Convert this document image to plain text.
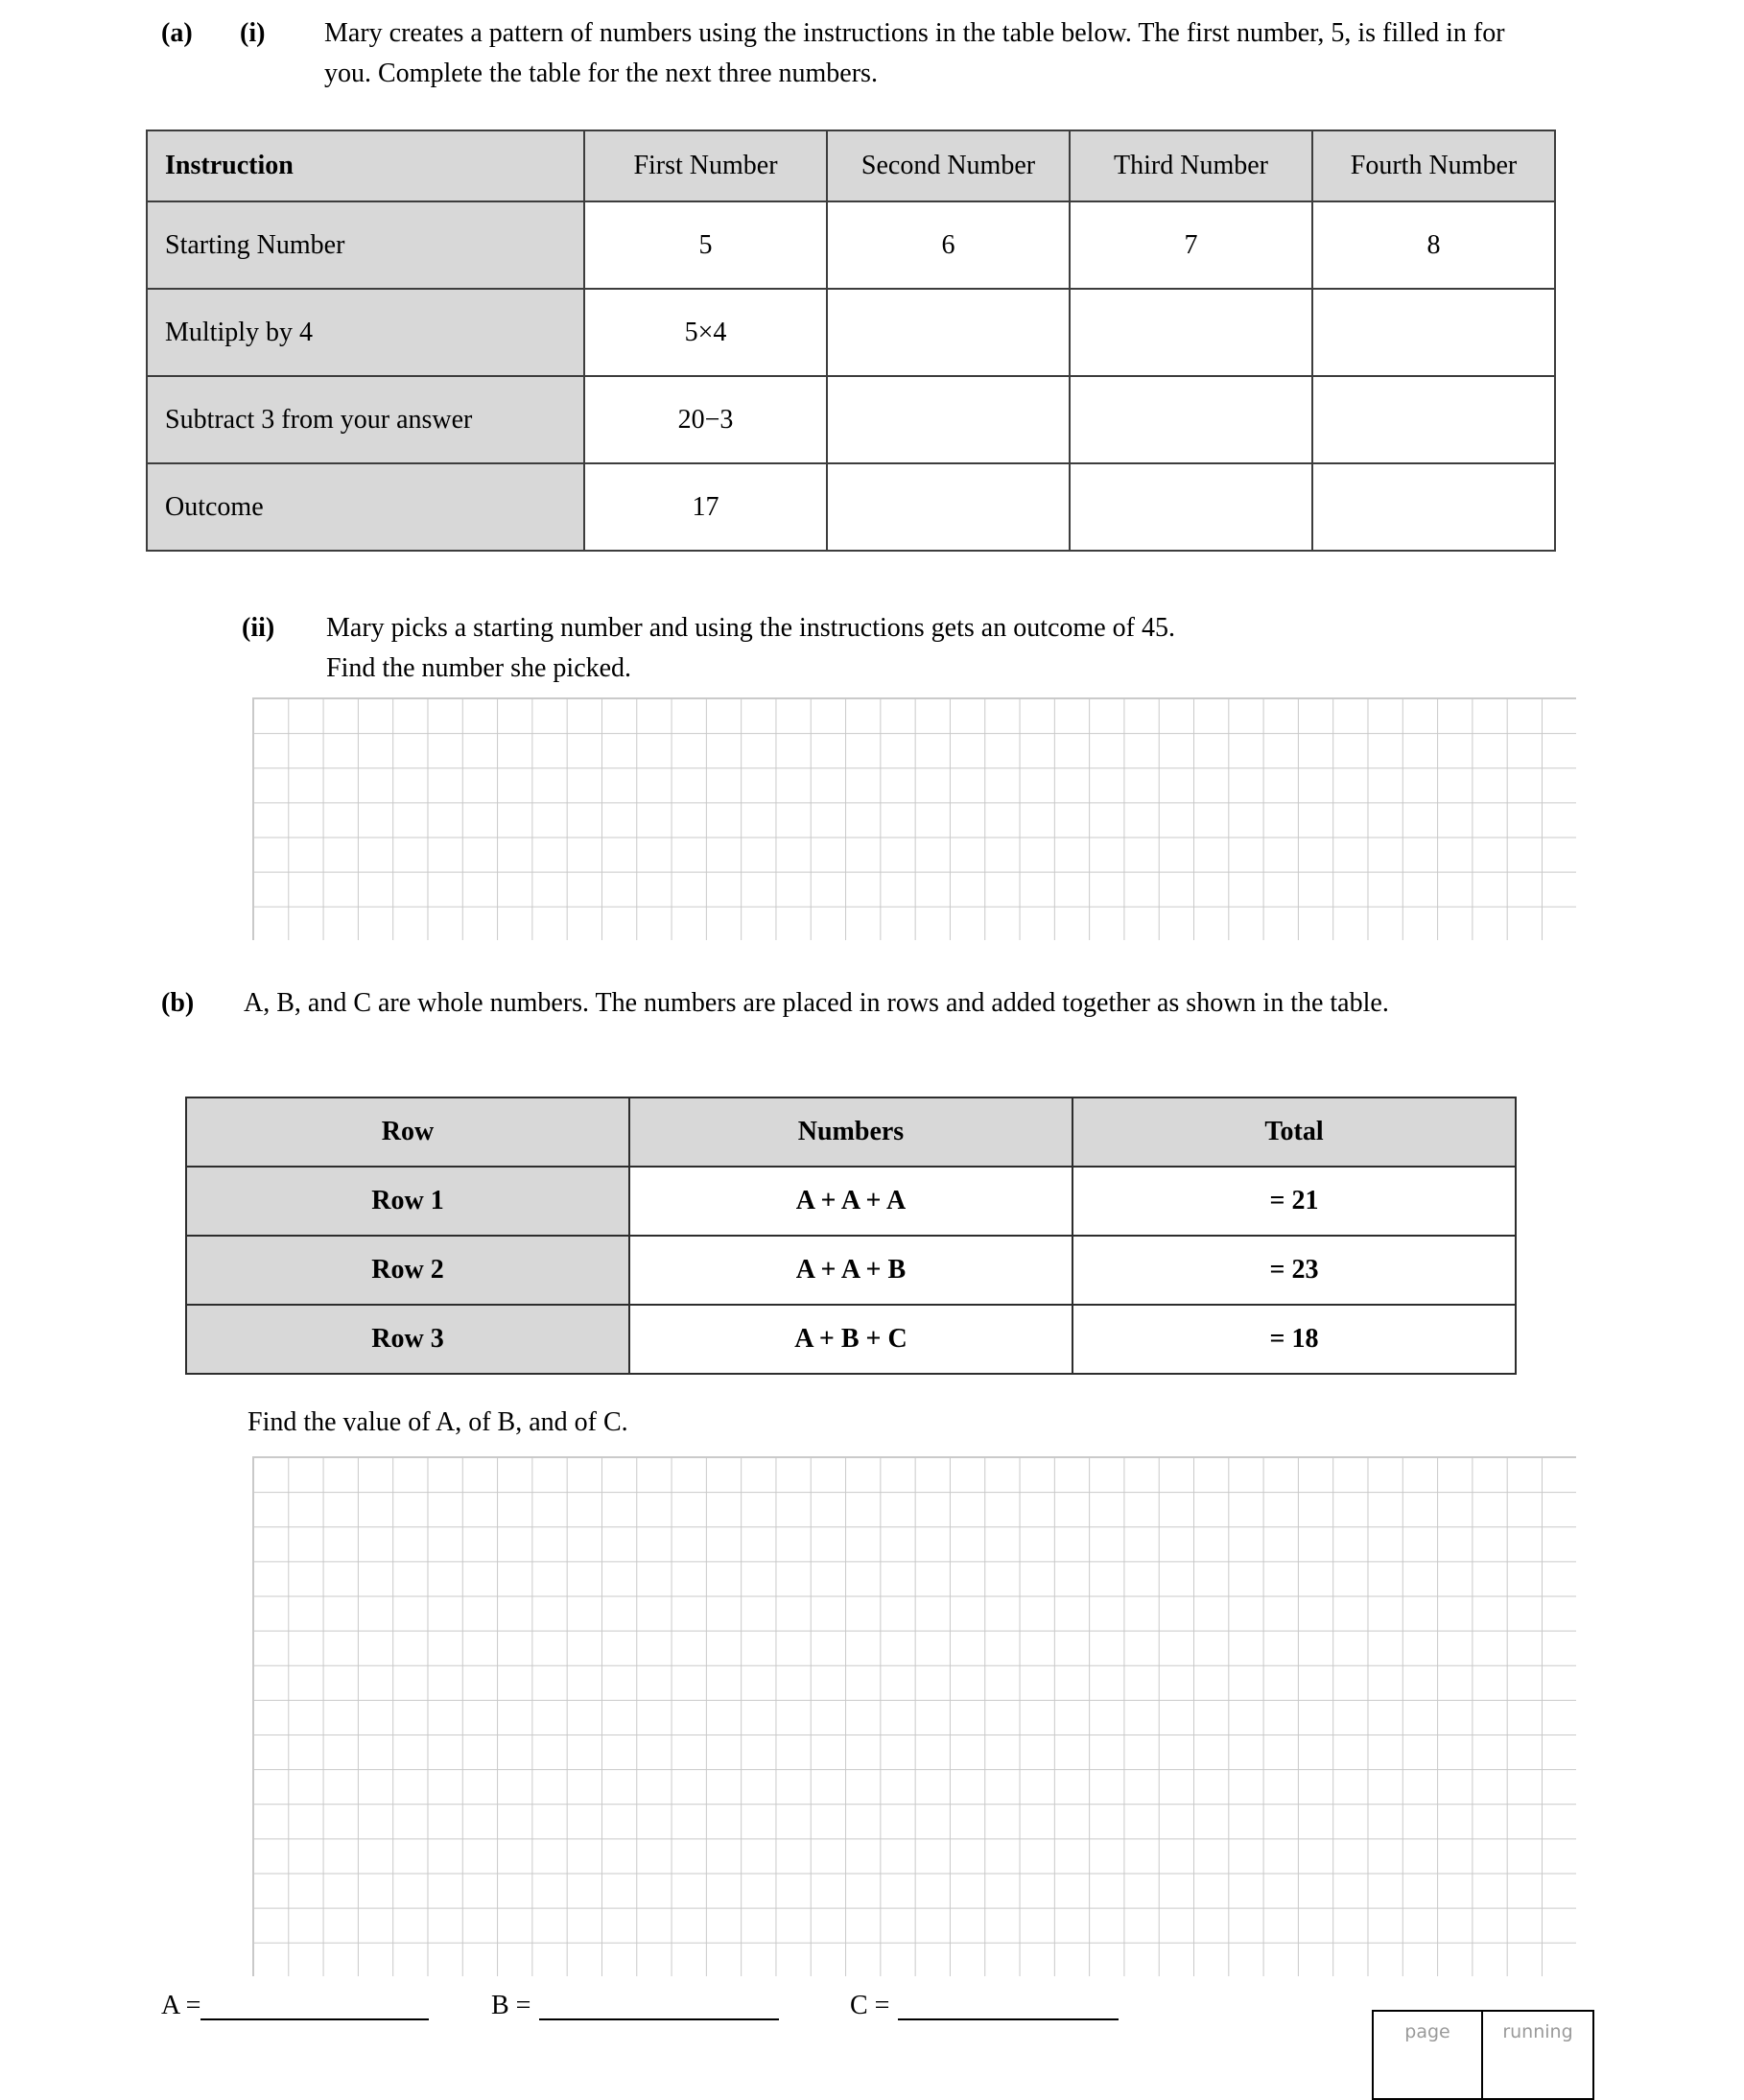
(a)	(i)	Mary creates a pattern of numbers using the instructions in the table below. The first number, 5, is filled in for you. Complete the table for the next three numbers.
Instruction	First Number	Second Number	Third Number	Fourth Number
Starting Number	5	6	7	8
Multiply by 4	5×4			
Subtract 3 from your answer	20−3			
Outcome	17			
(ii)	Mary picks a starting number and using the instructions gets an outcome of 45.
Find the number she picked.
(b)	A, B, and C are whole numbers. The numbers are placed in rows and added together as shown in the table.
Row	Numbers	Total
Row 1	A + A + A	= 21
Row 2	A + A + B	= 23
Row 3	A + B + C	= 18
Find the value of A, of B, and of C.
A =	B =	C =
page	running
